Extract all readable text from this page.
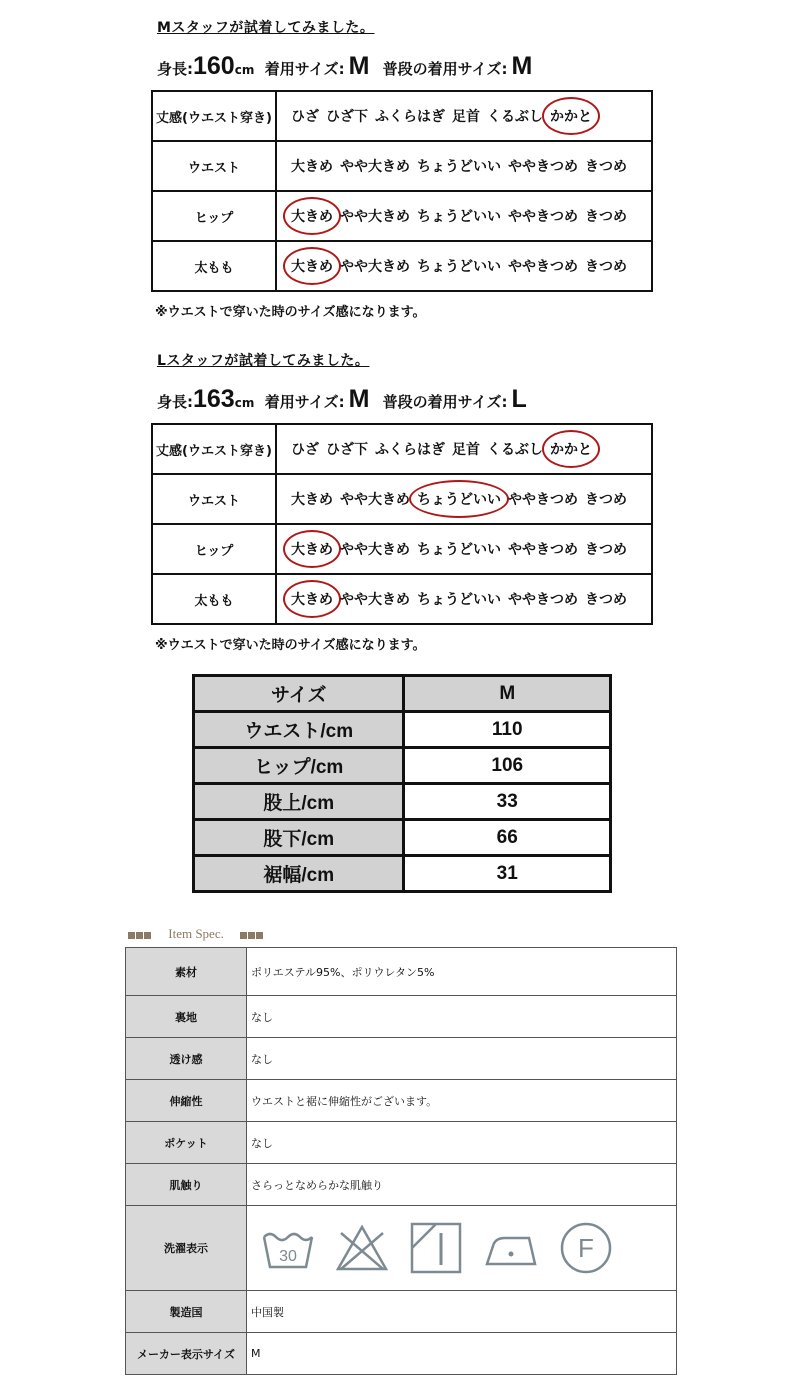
Mスタッフが試着してみました。
身長:160cm 着用サイズ: M 普段の着用サイズ: M
丈感(ウエスト穿き)	ひざ ひざ下 ふくらはぎ 足首 くるぶし かかと
ウエスト	大きめ やや大きめ ちょうどいい ややきつめ きつめ
ヒップ	大きめ やや大きめ ちょうどいい ややきつめ きつめ
太もも	大きめ やや大きめ ちょうどいい ややきつめ きつめ
※ウエストで穿いた時のサイズ感になります。
Lスタッフが試着してみました。
身長:163cm 着用サイズ: M 普段の着用サイズ: L
丈感(ウエスト穿き)	ひざ ひざ下 ふくらはぎ 足首 くるぶし かかと
ウエスト	大きめ やや大きめ ちょうどいい ややきつめ きつめ
ヒップ	大きめ やや大きめ ちょうどいい ややきつめ きつめ
太もも	大きめ やや大きめ ちょうどいい ややきつめ きつめ
※ウエストで穿いた時のサイズ感になります。
サイズ	M
ウエスト/cm	110
ヒップ/cm	106
股上/cm	33
股下/cm	66
裾幅/cm	31
Item Spec.
素材	ポリエステル95%、ポリウレタン5%
裏地	なし
透け感	なし
伸縮性	ウエストと裾に伸縮性がございます。
ポケット	なし
肌触り	さらっとなめらかな肌触り
洗濯表示	30 F

製造国	中国製
メーカー表示サイズ	M
